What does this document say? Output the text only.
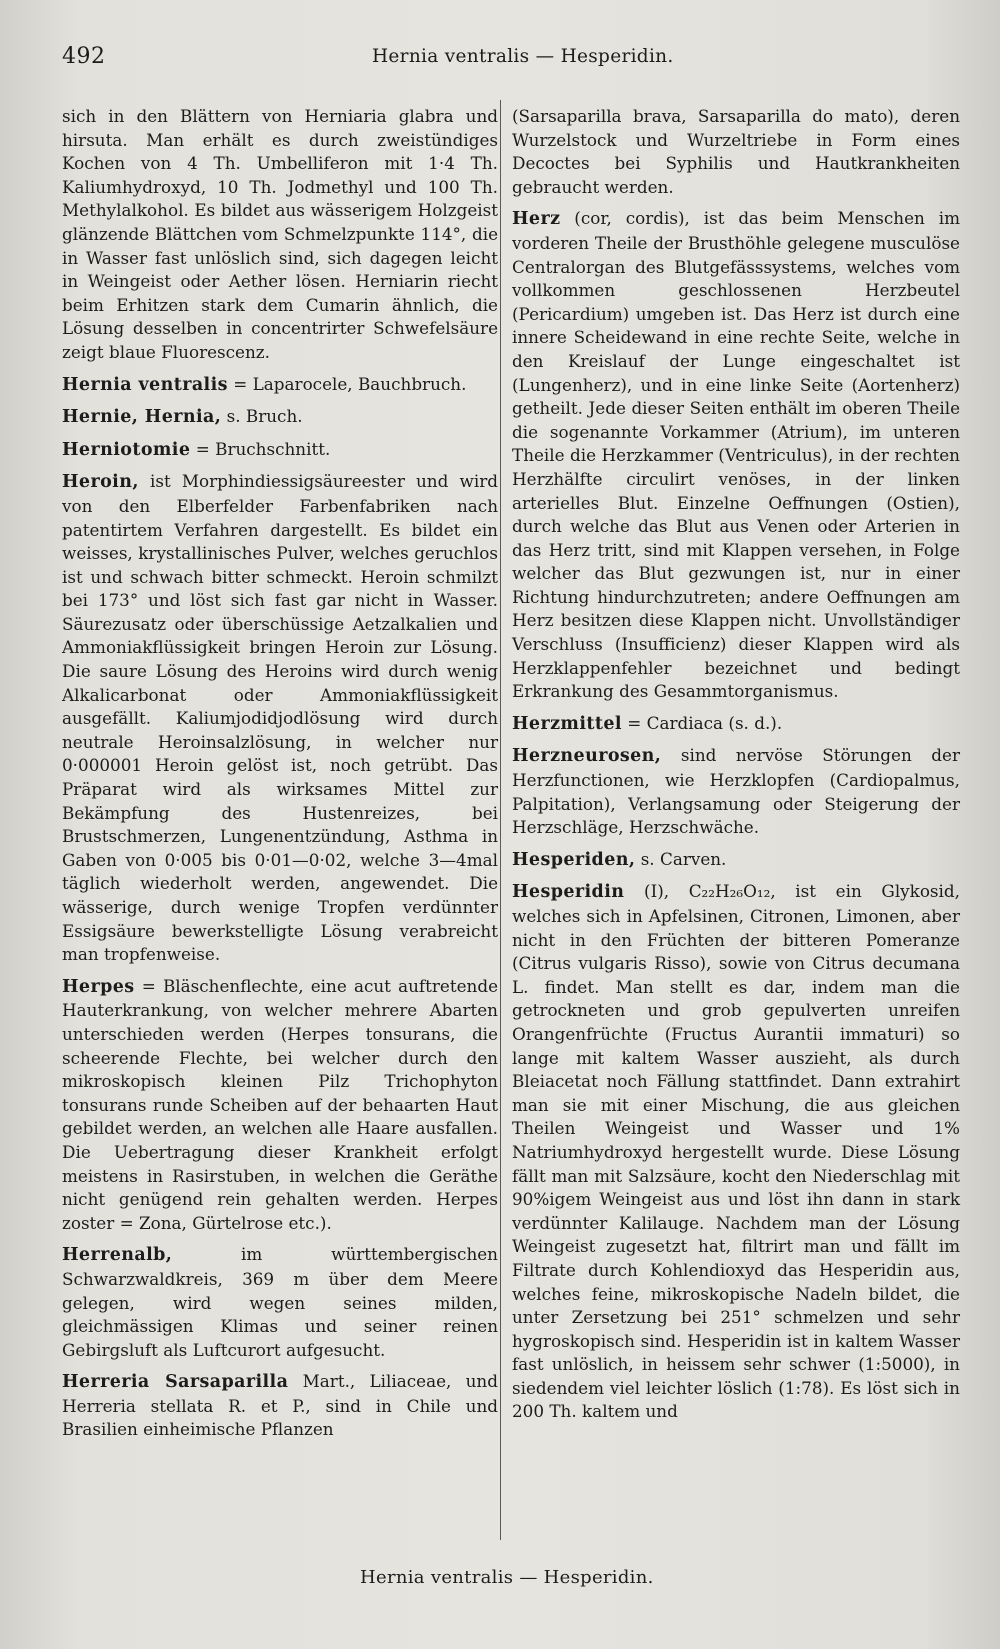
492	Hernia ventralis — Hesperidin.

sich in den Blättern von Herniaria glabra und hirsuta. Man erhält es durch zweistündiges Kochen von 4 Th. Umbelliferon mit 1·4 Th. Kaliumhydroxyd, 10 Th. Jodmethyl und 100 Th. Methylalkohol. Es bildet aus wässerigem Holzgeist glänzende Blättchen vom Schmelzpunkte 114°, die in Wasser fast unlöslich sind, sich dagegen leicht in Weingeist oder Aether lösen. Herniarin riecht beim Erhitzen stark dem Cumarin ähnlich, die Lösung desselben in concentrirter Schwefelsäure zeigt blaue Fluorescenz.

Hernia ventralis = Laparocele, Bauchbruch.

Hernie, Hernia, s. Bruch.

Herniotomie = Bruchschnitt.

Heroin, ist Morphindiessigsäureester und wird von den Elberfelder Farbenfabriken nach patentirtem Verfahren dargestellt. Es bildet ein weisses, krystallinisches Pulver, welches geruchlos ist und schwach bitter schmeckt. Heroin schmilzt bei 173° und löst sich fast gar nicht in Wasser. Säurezusatz oder überschüssige Aetzalkalien und Ammoniakflüssigkeit bringen Heroin zur Lösung. Die saure Lösung des Heroins wird durch wenig Alkalicarbonat oder Ammoniakflüssigkeit ausgefällt. Kaliumjodidjodlösung wird durch neutrale Heroinsalzlösung, in welcher nur 0·000001 Heroin gelöst ist, noch getrübt. Das Präparat wird als wirksames Mittel zur Bekämpfung des Hustenreizes, bei Brustschmerzen, Lungenentzündung, Asthma in Gaben von 0·005 bis 0·01—0·02, welche 3—4mal täglich wiederholt werden, angewendet. Die wässerige, durch wenige Tropfen verdünnter Essigsäure bewerkstelligte Lösung verabreicht man tropfenweise.

Herpes = Bläschenflechte, eine acut auftretende Hauterkrankung, von welcher mehrere Abarten unterschieden werden (Herpes tonsurans, die scheerende Flechte, bei welcher durch den mikroskopisch kleinen Pilz Trichophyton tonsurans runde Scheiben auf der behaarten Haut gebildet werden, an welchen alle Haare ausfallen. Die Uebertragung dieser Krankheit erfolgt meistens in Rasirstuben, in welchen die Geräthe nicht genügend rein gehalten werden. Herpes zoster = Zona, Gürtelrose etc.).

Herrenalb, im württembergischen Schwarzwaldkreis, 369 m über dem Meere gelegen, wird wegen seines milden, gleichmässigen Klimas und seiner reinen Gebirgsluft als Luftcurort aufgesucht.

Herreria Sarsaparilla Mart., Liliaceae, und Herreria stellata R. et P., sind in Chile und Brasilien einheimische Pflanzen

(Sarsaparilla brava, Sarsaparilla do mato), deren Wurzelstock und Wurzeltriebe in Form eines Decoctes bei Syphilis und Hautkrankheiten gebraucht werden.

Herz (cor, cordis), ist das beim Menschen im vorderen Theile der Brusthöhle gelegene musculöse Centralorgan des Blutgefässsystems, welches vom vollkommen geschlossenen Herzbeutel (Pericardium) umgeben ist. Das Herz ist durch eine innere Scheidewand in eine rechte Seite, welche in den Kreislauf der Lunge eingeschaltet ist (Lungenherz), und in eine linke Seite (Aortenherz) getheilt. Jede dieser Seiten enthält im oberen Theile die sogenannte Vorkammer (Atrium), im unteren Theile die Herzkammer (Ventriculus), in der rechten Herzhälfte circulirt venöses, in der linken arterielles Blut. Einzelne Oeffnungen (Ostien), durch welche das Blut aus Venen oder Arterien in das Herz tritt, sind mit Klappen versehen, in Folge welcher das Blut gezwungen ist, nur in einer Richtung hindurchzutreten; andere Oeffnungen am Herz besitzen diese Klappen nicht. Unvollständiger Verschluss (Insufficienz) dieser Klappen wird als Herzklappenfehler bezeichnet und bedingt Erkrankung des Gesammtorganismus.

Herzmittel = Cardiaca (s. d.).

Herzneurosen, sind nervöse Störungen der Herzfunctionen, wie Herzklopfen (Cardiopalmus, Palpitation), Verlangsamung oder Steigerung der Herzschläge, Herzschwäche.

Hesperiden, s. Carven.

Hesperidin (I), C₂₂H₂₆O₁₂, ist ein Glykosid, welches sich in Apfelsinen, Citronen, Limonen, aber nicht in den Früchten der bitteren Pomeranze (Citrus vulgaris Risso), sowie von Citrus decumana L. findet. Man stellt es dar, indem man die getrockneten und grob gepulverten unreifen Orangenfrüchte (Fructus Aurantii immaturi) so lange mit kaltem Wasser auszieht, als durch Bleiacetat noch Fällung stattfindet. Dann extrahirt man sie mit einer Mischung, die aus gleichen Theilen Weingeist und Wasser und 1% Natriumhydroxyd hergestellt wurde. Diese Lösung fällt man mit Salzsäure, kocht den Niederschlag mit 90%igem Weingeist aus und löst ihn dann in stark verdünnter Kalilauge. Nachdem man der Lösung Weingeist zugesetzt hat, filtrirt man und fällt im Filtrate durch Kohlendioxyd das Hesperidin aus, welches feine, mikroskopische Nadeln bildet, die unter Zersetzung bei 251° schmelzen und sehr hygroskopisch sind. Hesperidin ist in kaltem Wasser fast unlöslich, in heissem sehr schwer (1:5000), in siedendem viel leichter löslich (1:78). Es löst sich in 200 Th. kaltem und

Hernia ventralis — Hesperidin.
